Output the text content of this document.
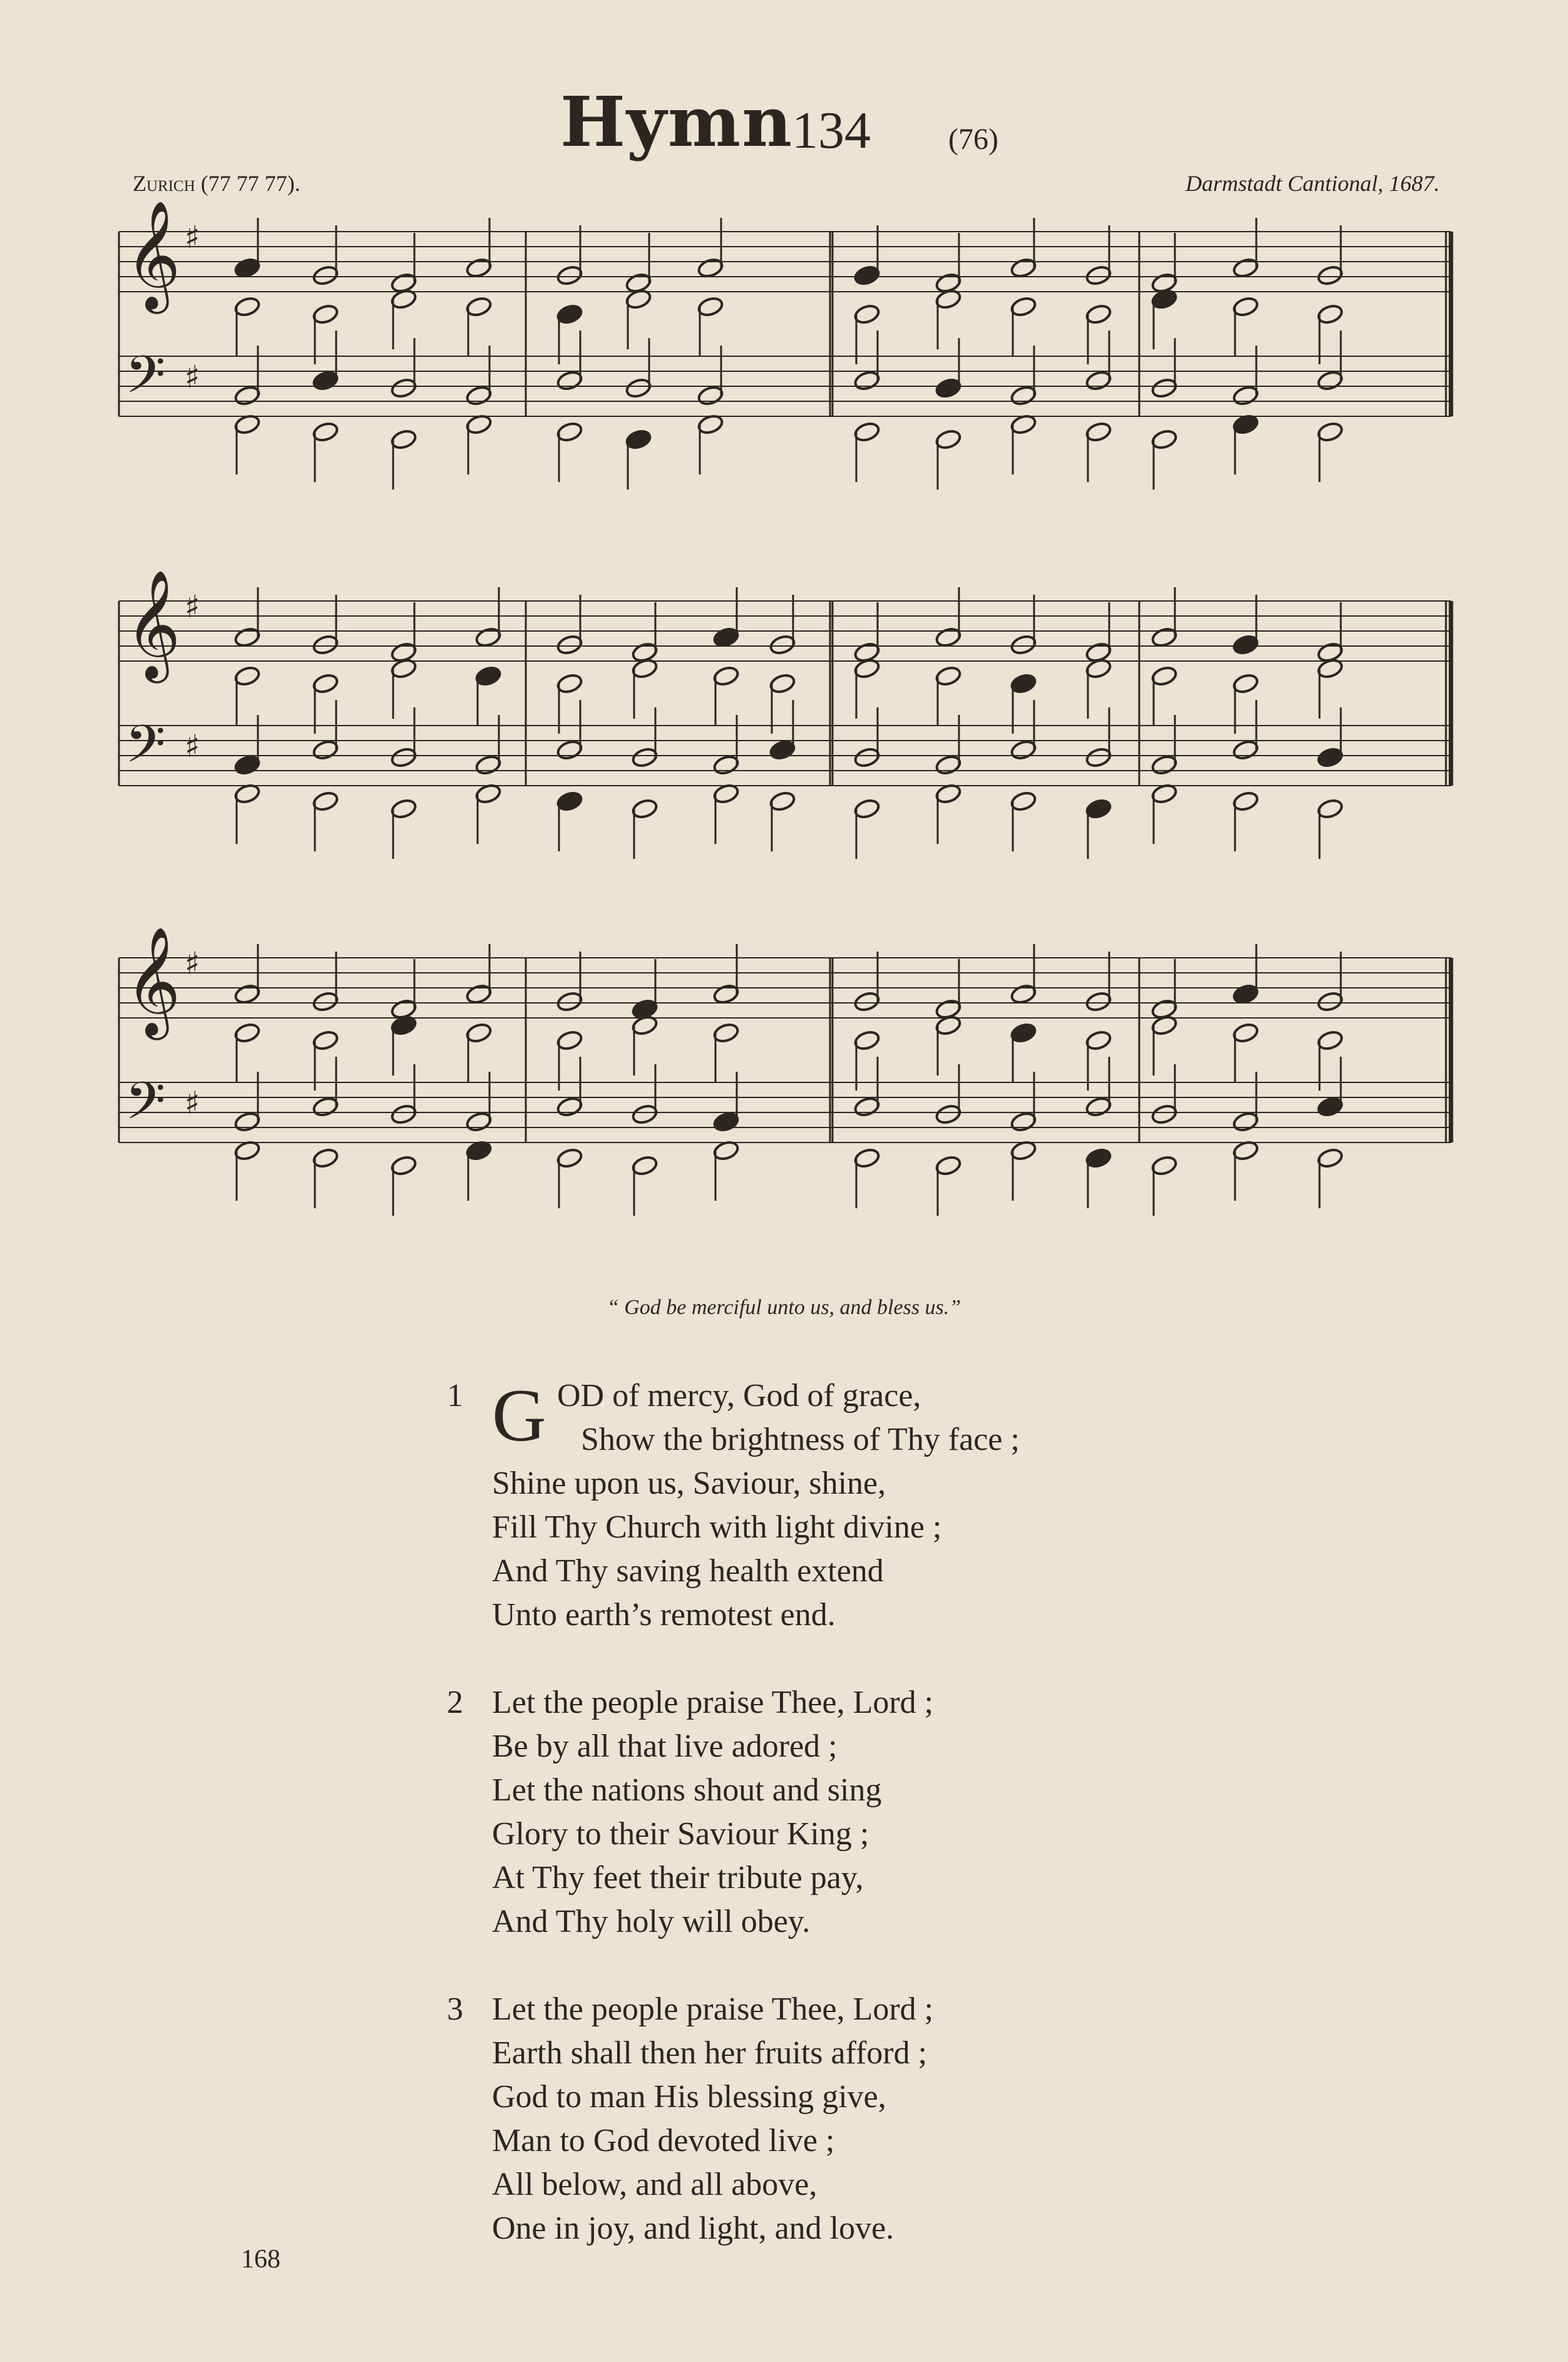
Hymn
134	(76)
Zurich (77 77 77).	Darmstadt Cantional, 1687.
𝄞 ♯
𝄢 ♯
𝄞 ♯
𝄢 ♯
𝄞 ♯
𝄢 ♯
“ God be merciful unto us, and bless us.”
1 G OD of mercy, God of grace,
Show the brightness of Thy face ;
Shine upon us, Saviour, shine,
Fill Thy Church with light divine ;
And Thy saving health extend
Unto earth’s remotest end.
2 Let the people praise Thee, Lord ;
Be by all that live adored ;
Let the nations shout and sing
Glory to their Saviour King ;
At Thy feet their tribute pay,
And Thy holy will obey.
3 Let the people praise Thee, Lord ;
Earth shall then her fruits afford ;
God to man His blessing give,
Man to God devoted live ;
All below, and all above,
One in joy, and light, and love.
168
